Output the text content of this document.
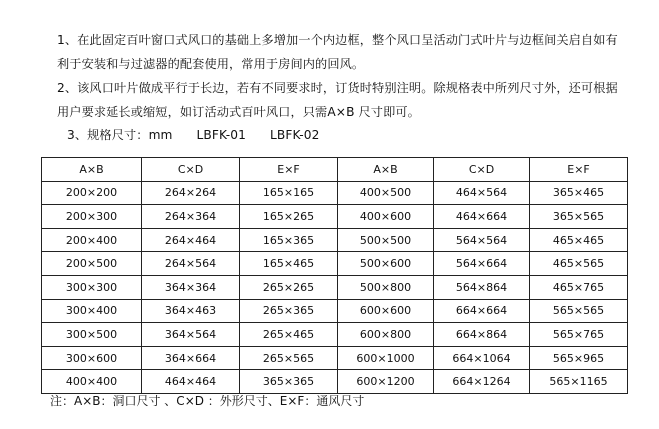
1、在此固定百叶窗口式风口的基础上多增加一个内边框，整个风口呈活动门式叶片与边框间关启自如有
利于安装和与过滤器的配套使用，常用于房间内的回风。
2、该风口叶片做成平行于长边，若有不同要求时，订货时特别注明。除规格表中所列尺寸外，还可根据
用户要求延长或缩短，如订活动式百叶风口，只需A×B 尺寸即可。
3、规格尺寸：mm LBFK-01 LBFK-02
A×B	C×D	E×F	A×B	C×D	E×F
200×200	264×264	165×165	400×500	464×564	365×465
200×300	264×364	165×265	400×600	464×664	365×565
200×400	264×464	165×365	500×500	564×564	465×465
200×500	264×564	165×465	500×600	564×664	465×565
300×300	364×364	265×265	500×800	564×864	465×765
300×400	364×463	265×365	600×600	664×664	565×565
300×500	364×564	265×465	600×800	664×864	565×765
300×600	364×664	265×565	600×1000	664×1064	565×965
400×400	464×464	365×365	600×1200	664×1264	565×1165
注：A×B：洞口尺寸 、C×D ：外形尺寸、E×F：通风尺寸
